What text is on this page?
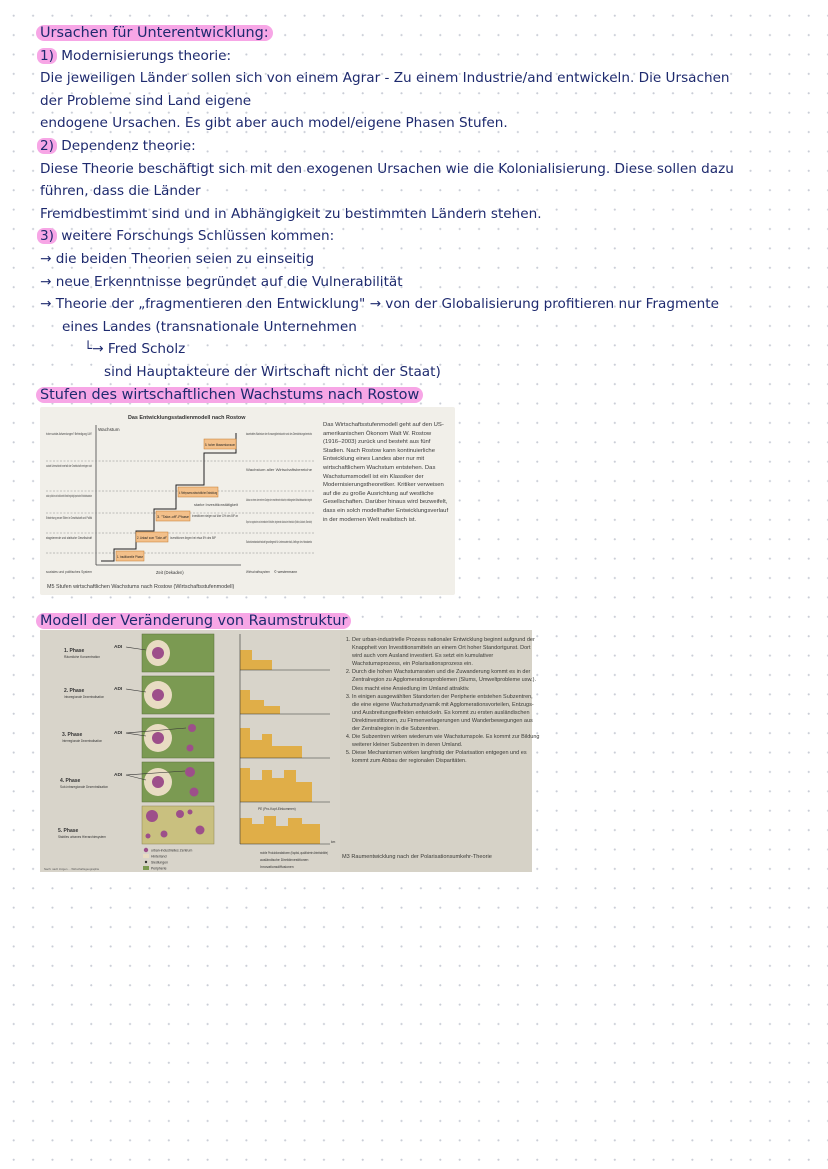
Ursachen für Unterentwicklung:
1) Modernisierungs theorie:
Die jeweiligen Länder sollen sich von einem Agrar - Zu einem Industrie/and entwickeln. Die Ursachen
der Probleme sind Land eigene
endogene Ursachen. Es gibt aber auch model/eigene Phasen Stufen.
2) Dependenz theorie:
Diese Theorie beschäftigt sich mit den exogenen Ursachen wie die Kolonialisierung. Diese sollen dazu
führen, dass die Länder
Fremdbestimmt sind und in Abhängigkeit zu bestimmten Ländern stehen.
3) weitere Forschungs Schlüssen kommen:
→ die beiden Theorien seien zu einseitig
→ neue Erkenntnisse begründet auf die Vulnerabilität
→ Theorie der „fragmentieren den Entwicklung" → von der Globalisierung profitieren nur Fragmente
eines Landes (transnationale Unternehmen
└→ Fred Scholz
sind Hauptakteure der Wirtschaft nicht der Staat)
Stufen des wirtschaftlichen Wachstums nach Rostow
Das Entwicklungsstadienmodell nach Rostow
Wachstum
Zeit (Dekaden)	© westermann
hohe soziale Aufwendungen? Befriedigung UM?
soziale Unterschiede innerhalb der Gesellschaft verringern sich
soziale, politische und institutioneller Wandel begünstigt dynamisches Wirtschaftswachstum
Entstehung neuer Eliten in Gesellschaft und Politik
stagnierende und statische Gesellschaft
soziales und politisches System
1. traditionelle Phase
2. Anlauf zum "Take-off"
3. "Take-off"-Phase
4. Reifeprozess wirtschaftlicher Entwicklung
5. hoher Massenkonsum
starke Investitionstätigkeit
Investitionen steigen auf über 10% des BIP an
Investitionen liegen bei etwa 5% des BIP
dauerhaftes Wachstum der Konsumgüterindustrie und des Dienstleistungsbereichs
Wachstum aller Wirtschaftsbereiche
Aufbau von einem oder mehreren Zweigen der verarbeitenden Industrie, selbsttragendes Wirtschaftswachstum beginnt
Export von agrarischen und mineralischen Rohstoffen, beginnender Ausbau der Infrastruktur (Straßen, Autobahn, Eisenbahn)
Subsistenzlandwirtschaft grundlegend für Lebensunterhalt, Anfänge des Handwerks
Wirtschaftssystem
Das Wirtschaftsstufenmodell geht auf den US-amerikanischen Ökonom Walt W. Rostow (1916–2003) zurück und besteht aus fünf Stadien. Nach Rostow kann kontinuierliche Entwicklung eines Landes aber nur mit wirtschaftlichem Wachstum entstehen. Das Wachstumsmodell ist ein Klassiker der Modernisierungstheoretiker. Kritiker verweisen auf die zu große Ausrichtung auf westliche Gesellschaften. Darüber hinaus wird bezweifelt, dass ein solch modellhafter Entwicklungsverlauf in der modernen Welt realistisch ist.
M5 Stufen wirtschaftlichen Wachstums nach Rostow (Wirtschaftsstufenmodell)
Modell der Veränderung von Raumstruktur
1. Phase
Räumliche Konzentration
2. Phase
Intraregionale Dezentralisation
3. Phase
Interregionale Dezentralisation
4. Phase
Sub-intraregionale Dezentralisation
5. Phase
Stabiles urbanes Hierarchiesystem
ADI
ADI
ADI
ADI
PE (Pro-Kopf-Einkommen)
km
urban-industrielles Zentrum
Hinterland
Siedlungen
Peripherie
mobile Produktionsfaktoren (Kapital, qualifizierte Arbeitskräfte)
ausländische Direktinvestitionen
Innovationsdiffusionen
Nach: nach Jürgen ... Wirtschaftsgeographie
1. Der urban-industrielle Prozess nationaler Entwicklung beginnt aufgrund der Knappheit von Investitionsmitteln an einem Ort hoher Standortgunst. Dort wird auch vom Ausland investiert. Es setzt ein kumulativer Wachstumsprozess, ein Polarisationsprozess ein.
2. Durch die hohen Wachstumsraten und die Zuwanderung kommt es in der Zentralregion zu Agglomerationsproblemen (Slums, Umweltprobleme usw.). Dies macht eine Ansiedlung im Umland attraktiv.
3. In einigen ausgewählten Standorten der Peripherie entstehen Subzentren, die eine eigene Wachstumsdynamik mit Agglomerationsvorteilen, Entzugs- und Ausbreitungseffekten entwickeln. Es kommt zu ersten ausländischen Direktinvestitionen, zu Firmenverlagerungen und Wanderbewegungen aus der Zentralregion in die Subzentren.
4. Die Subzentren wirken wiederum wie Wachstumspole. Es kommt zur Bildung weiterer kleiner Subzentren in deren Umland.
5. Diese Mechanismen wirken langfristig der Polarisation entgegen und es kommt zum Abbau der regionalen Disparitäten.
M3 Raumentwicklung nach der Polarisationsumkehr-Theorie
